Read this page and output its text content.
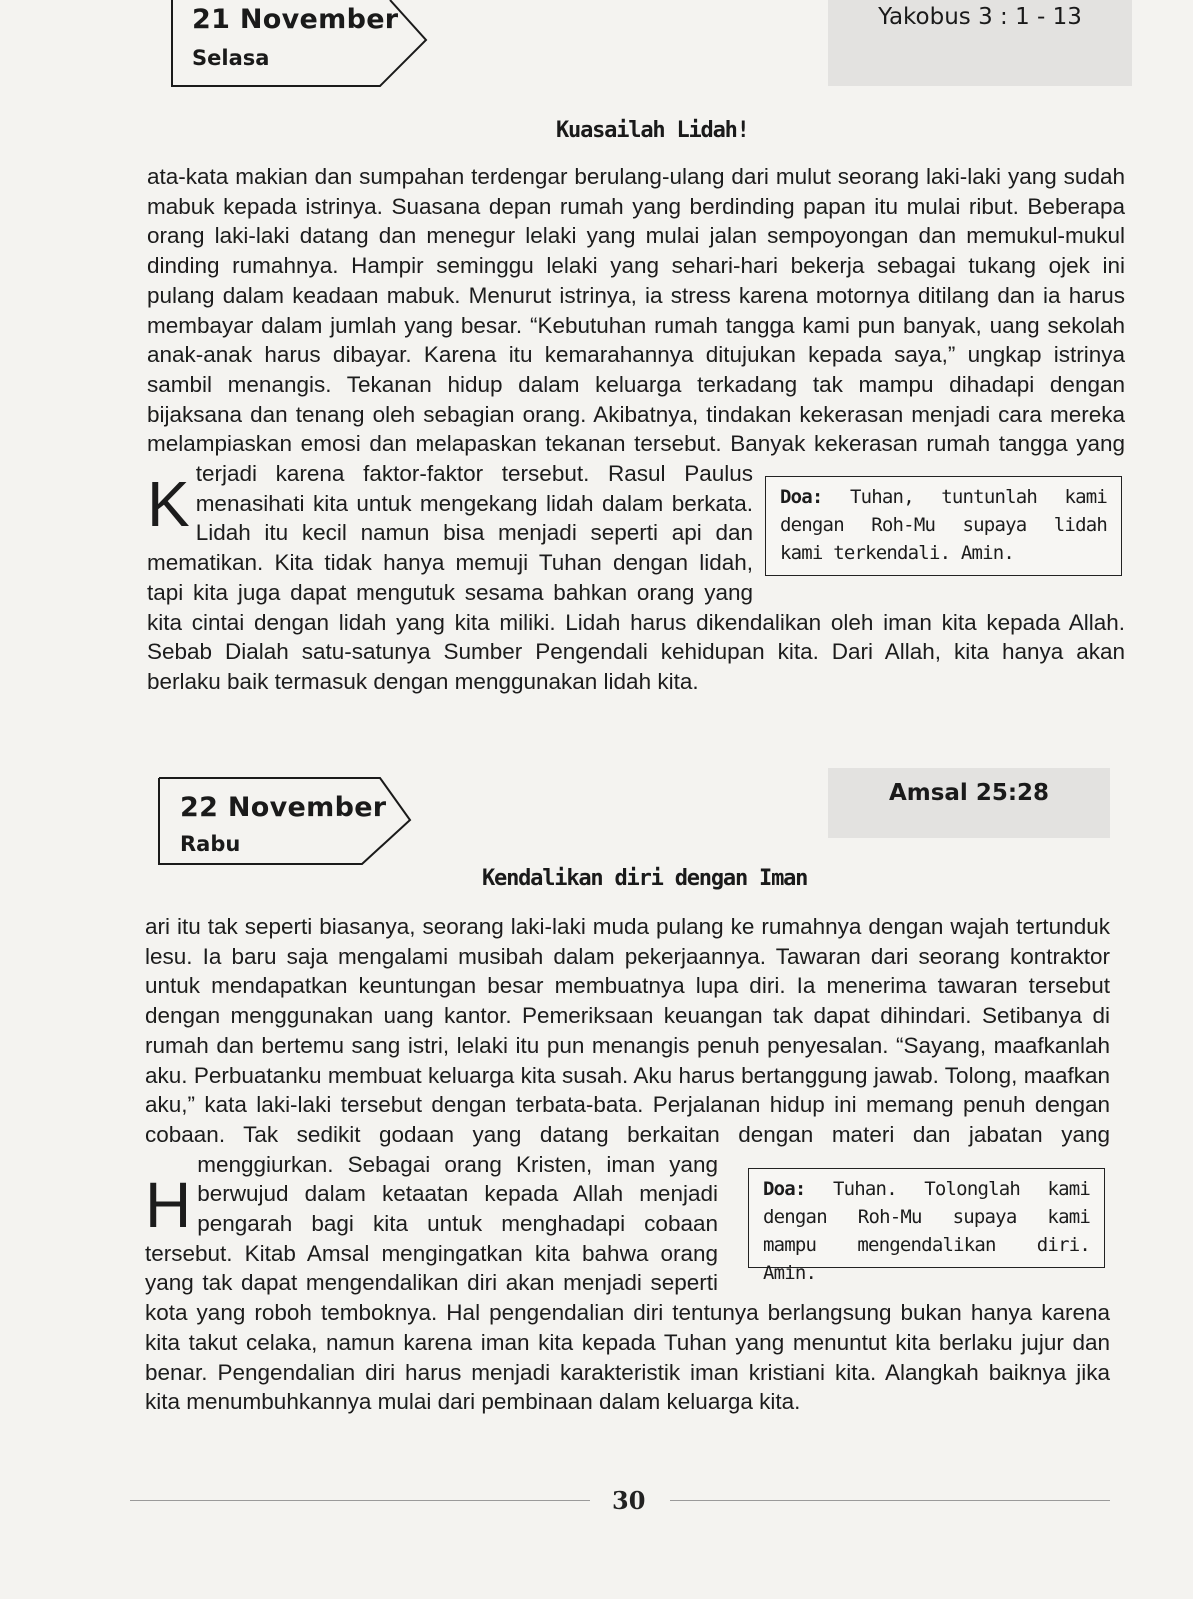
21 November
Selasa
Yakobus 3 : 1 - 13
Kuasailah Lidah!
K
ata-kata makian dan sumpahan terdengar berulang-ulang dari mulut seorang laki-laki yang sudah mabuk kepada istrinya. Suasana depan rumah yang berdinding papan itu mulai ribut. Beberapa orang laki-laki datang dan menegur lelaki yang mulai jalan sempoyongan dan memukul-mukul dinding rumahnya. Hampir seminggu lelaki yang sehari-hari bekerja sebagai tukang ojek ini pulang dalam keadaan mabuk. Menurut istrinya, ia stress karena motornya ditilang dan ia harus membayar dalam jumlah yang besar. “Kebutuhan rumah tangga kami pun banyak, uang sekolah anak-anak harus dibayar. Karena itu kemarahannya ditujukan kepada saya,” ungkap istrinya sambil menangis. Tekanan hidup dalam keluarga terkadang tak mampu dihadapi dengan bijaksana dan tenang oleh sebagian orang. Akibatnya, tindakan kekerasan menjadi cara mereka melampiaskan emosi dan melapaskan tekanan tersebut. Banyak kekerasan rumah tangga yang terjadi karena faktor-faktor tersebut. Rasul Paulus menasihati kita untuk mengekang lidah dalam berkata. Lidah itu kecil namun bisa menjadi seperti api dan mematikan. Kita tidak hanya memuji Tuhan dengan lidah, tapi kita juga dapat mengutuk sesama bahkan orang yang kita cintai dengan lidah yang kita miliki. Lidah harus dikendalikan oleh iman kita kepada Allah. Sebab Dialah satu-satunya Sumber Pengendali kehidupan kita. Dari Allah, kita hanya akan berlaku baik termasuk dengan menggunakan lidah kita.
Doa: Tuhan, tuntunlah kami dengan Roh-Mu supaya lidah kami terkendali. Amin.
22 November
Rabu
Amsal 25:28
Kendalikan diri dengan Iman
H
ari itu tak seperti biasanya, seorang laki-laki muda pulang ke rumahnya dengan wajah tertunduk lesu. Ia baru saja mengalami musibah dalam pekerjaannya. Tawaran dari seorang kontraktor untuk mendapatkan keuntungan besar membuatnya lupa diri. Ia menerima tawaran tersebut dengan menggunakan uang kantor. Pemeriksaan keuangan tak dapat dihindari. Setibanya di rumah dan bertemu sang istri, lelaki itu pun menangis penuh penyesalan. “Sayang, maafkanlah aku. Perbuatanku membuat keluarga kita susah. Aku harus bertanggung jawab. Tolong, maafkan aku,” kata laki-laki tersebut dengan terbata-bata. Perjalanan hidup ini memang penuh dengan cobaan. Tak sedikit godaan yang datang berkaitan dengan materi dan jabatan yang menggiurkan. Sebagai orang Kristen, iman yang berwujud dalam ketaatan kepada Allah menjadi pengarah bagi kita untuk menghadapi cobaan tersebut. Kitab Amsal mengingatkan kita bahwa orang yang tak dapat mengendalikan diri akan menjadi seperti kota yang roboh temboknya. Hal pengendalian diri tentunya berlangsung bukan hanya karena kita takut celaka, namun karena iman kita kepada Tuhan yang menuntut kita berlaku jujur dan benar. Pengendalian diri harus menjadi karakteristik iman kristiani kita. Alangkah baiknya jika kita menumbuhkannya mulai dari pembinaan dalam keluarga kita.
Doa: Tuhan. Tolonglah kami dengan Roh-Mu supaya kami mampu mengendalikan diri. Amin.
30
